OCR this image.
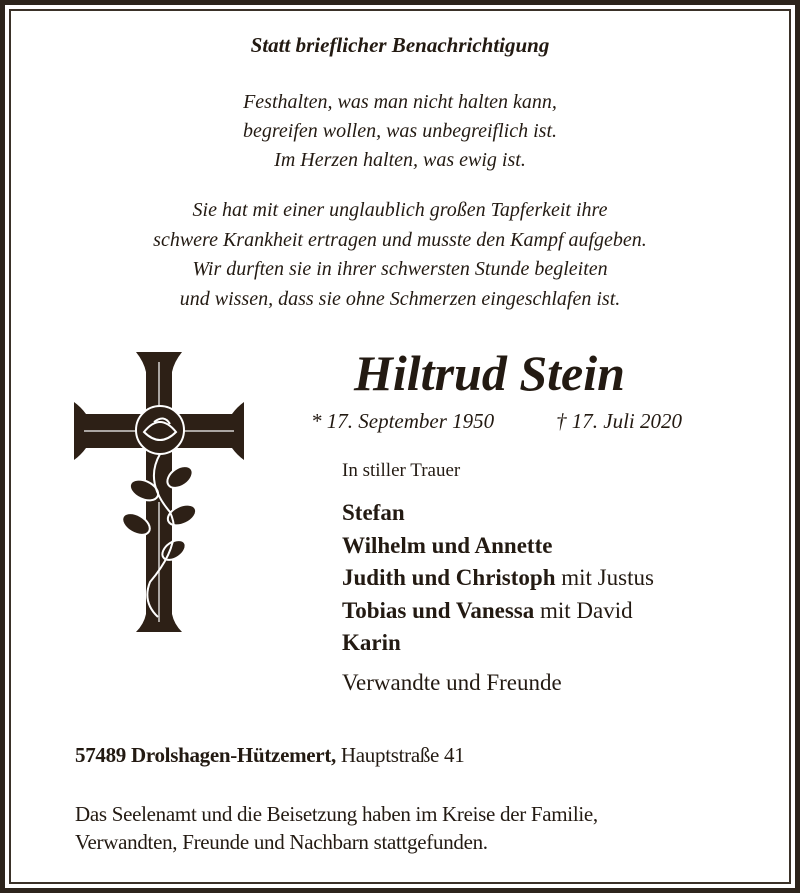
Statt brieflicher Benachrichtigung
Festhalten, was man nicht halten kann,
begreifen wollen, was unbegreiflich ist.
Im Herzen halten, was ewig ist.
Sie hat mit einer unglaublich großen Tapferkeit ihre
schwere Krankheit ertragen und musste den Kampf aufgeben.
Wir durften sie in ihrer schwersten Stunde begleiten
und wissen, dass sie ohne Schmerzen eingeschlafen ist.
Hiltrud Stein
* 17. September 1950	† 17. Juli 2020
In stiller Trauer
Stefan
Wilhelm und Annette
Judith und Christoph mit Justus
Tobias und Vanessa mit David
Karin
Verwandte und Freunde
57489 Drolshagen-Hützemert, Hauptstraße 41
Das Seelenamt und die Beisetzung haben im Kreise der Familie,
Verwandten, Freunde und Nachbarn stattgefunden.
